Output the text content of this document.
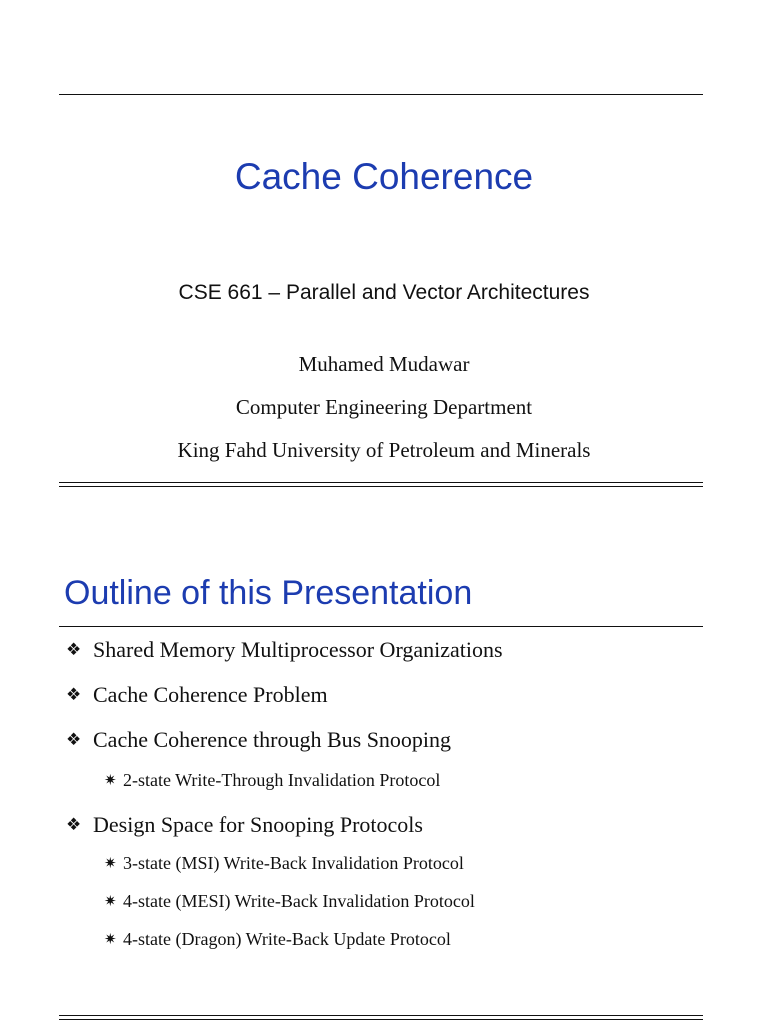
Cache Coherence
CSE 661 – Parallel and Vector Architectures
Muhamed Mudawar
Computer Engineering Department
King Fahd University of Petroleum and Minerals
Outline of this Presentation
❖ Shared Memory Multiprocessor Organizations
❖ Cache Coherence Problem
❖ Cache Coherence through Bus Snooping
✷ 2-state Write-Through Invalidation Protocol
❖ Design Space for Snooping Protocols
✷ 3-state (MSI) Write-Back Invalidation Protocol
✷ 4-state (MESI) Write-Back Invalidation Protocol
✷ 4-state (Dragon) Write-Back Update Protocol
